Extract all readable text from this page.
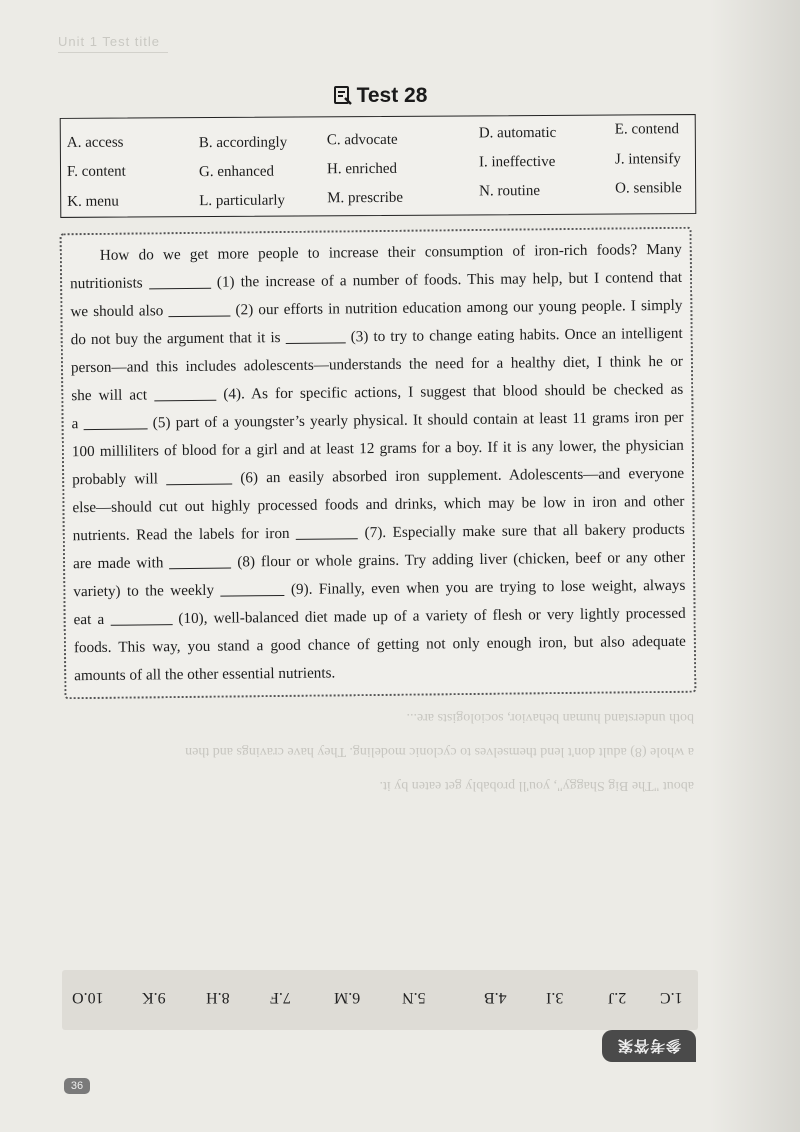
Unit 1 Test title
Test 28
A. access	B. accordingly	C. advocate	D. automatic	E. contend
F. content	G. enhanced	H. enriched	I. ineffective	J. intensify
K. menu	L. particularly	M. prescribe	N. routine	O. sensible
How do we get more people to increase their consumption of iron-rich foods? Many
nutritionists	(1) the increase of a number of foods. This may help, but I contend that
we should also	(2) our efforts in nutrition education among our young people. I simply
do not buy the argument that it is	(3) to try to change eating habits. Once an intelligent
person—and this includes adolescents—understands the need for a healthy diet, I think he or
she will act	(4). As for specific actions, I suggest that blood should be checked as
a	(5) part of a youngster’s yearly physical. It should contain at least 11 grams iron per
100 milliliters of blood for a girl and at least 12 grams for a boy. If it is any lower, the physician
probably will	(6) an easily absorbed iron supplement. Adolescents—and everyone
else—should cut out highly processed foods and drinks, which may be low in iron and other
nutrients. Read the labels for iron	(7). Especially make sure that all bakery products
are made with	(8) flour or whole grains. Try adding liver (chicken, beef or any other
variety) to the weekly	(9). Finally, even when you are trying to lose weight, always
eat a	(10), well-balanced diet made up of a variety of flesh or very lightly processed
foods. This way, you stand a good chance of getting not only enough iron, but also adequate
amounts of all the other essential nutrients.
about "The Big Shaggy", you'll probably get eaten by it.
a whole (8) adult don't lend themselves to cyclonic modeling. They have cravings and then
both understand human behavior, sociologists are...
10.O 9.K	8.H	7.F	6.M	5.N	4.B 3.I	2.J 1.C
参考答案
36
